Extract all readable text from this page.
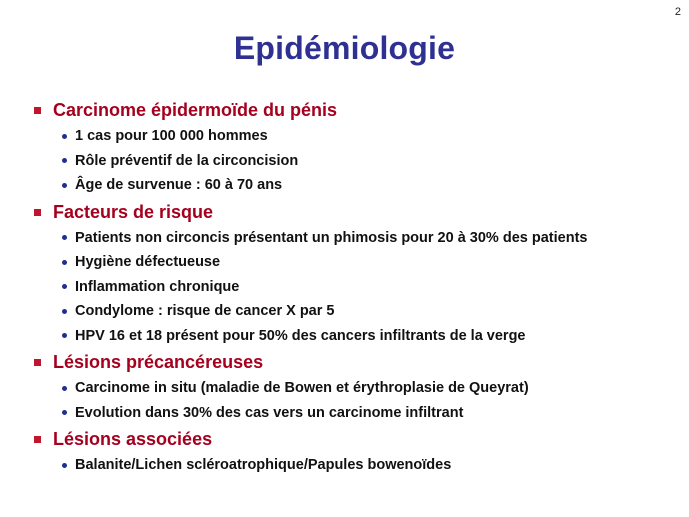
2
Epidémiologie
Carcinome épidermoïde du pénis
1 cas pour 100 000 hommes
Rôle préventif de la circoncision
Âge de survenue : 60 à 70 ans
Facteurs de risque
Patients non circoncis présentant un phimosis pour 20 à 30% des patients
Hygiène défectueuse
Inflammation chronique
Condylome : risque de cancer X par 5
HPV 16 et 18 présent pour 50% des cancers infiltrants de la verge
Lésions précancéreuses
Carcinome in situ (maladie de Bowen et érythroplasie de Queyrat)
Evolution dans 30% des cas vers un carcinome infiltrant
Lésions associées
Balanite/Lichen scléroatrophique/Papules bowenoïdes
